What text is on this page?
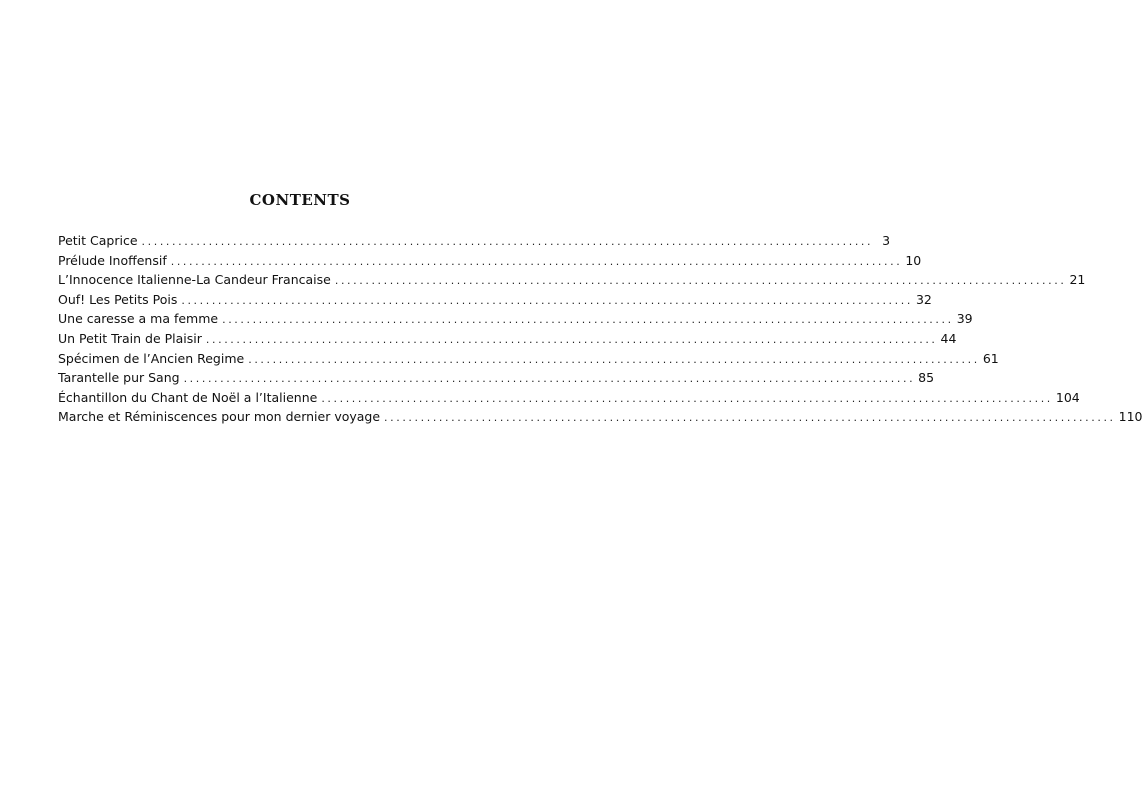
CONTENTS
Petit Caprice ........................................................................................................................ 3
Prélude Inoffensif ........................................................................................................................ 10
L’Innocence Italienne-La Candeur Francaise ........................................................................................................................ 21
Ouf! Les Petits Pois ........................................................................................................................ 32
Une caresse a ma femme ........................................................................................................................ 39
Un Petit Train de Plaisir ........................................................................................................................ 44
Spécimen de l’Ancien Regime ........................................................................................................................ 61
Tarantelle pur Sang ........................................................................................................................ 85
Échantillon du Chant de Noël a l’Italienne ........................................................................................................................ 104
Marche et Réminiscences pour mon dernier voyage ........................................................................................................................ 110
